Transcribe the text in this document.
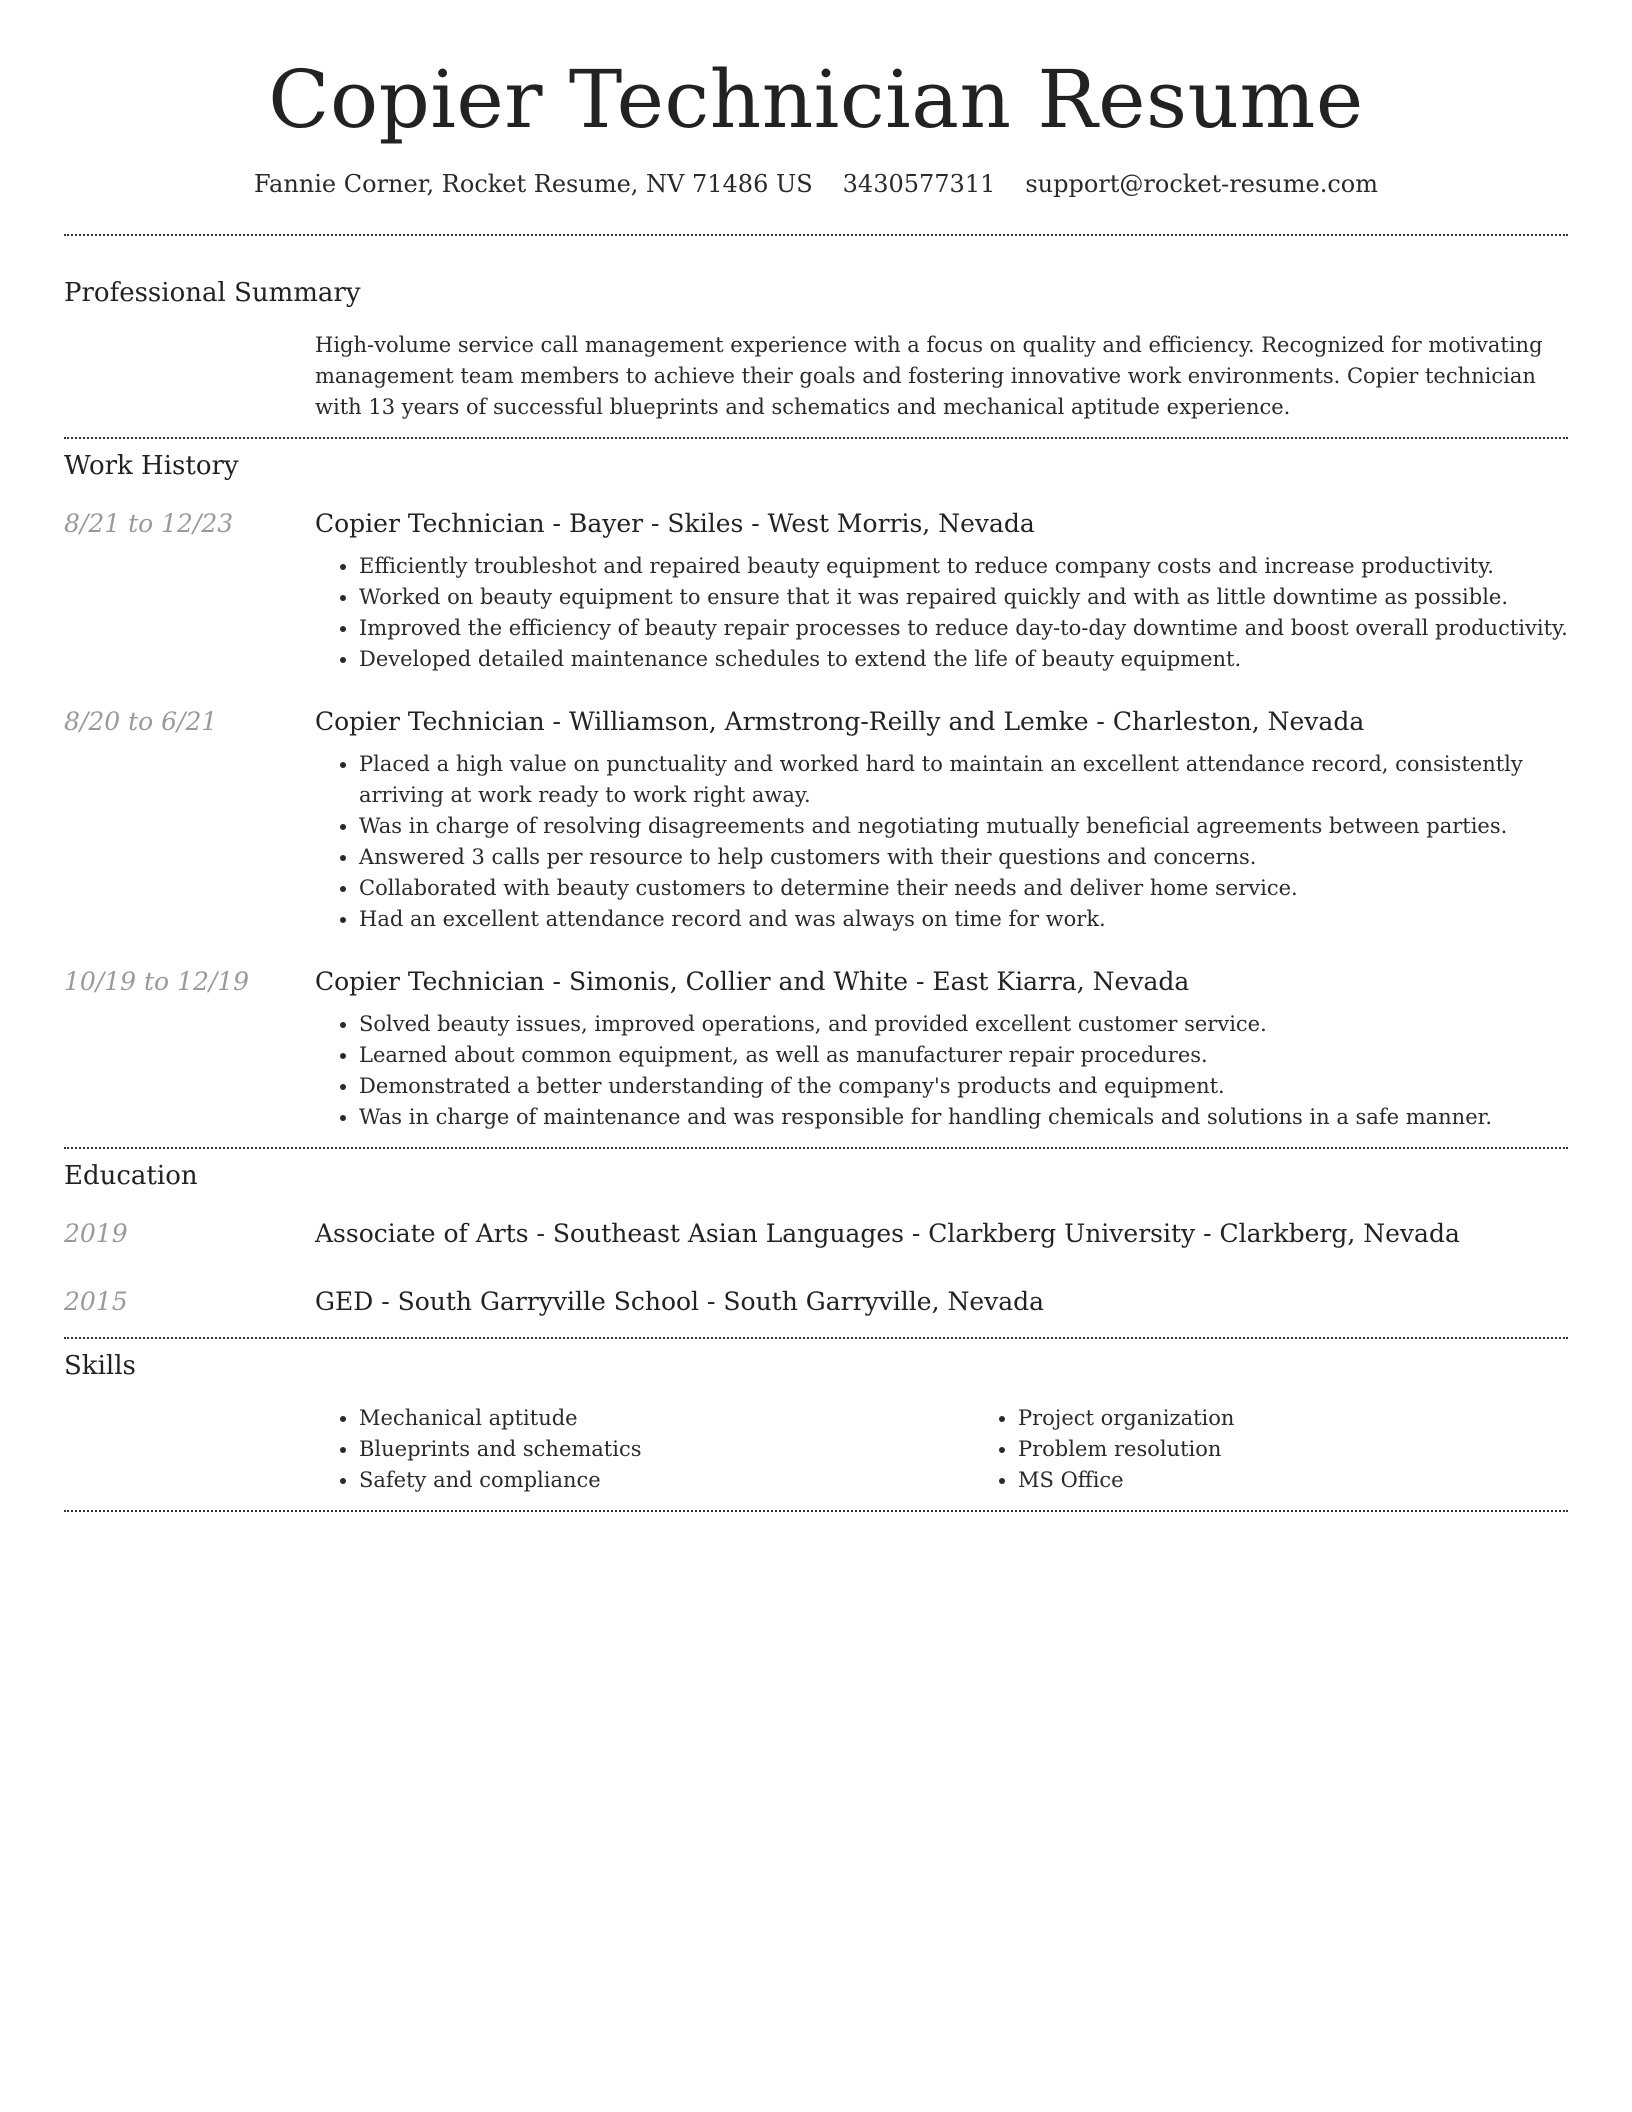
Copier Technician Resume
Fannie Corner, Rocket Resume, NV 71486 US 3430577311 support@rocket-resume.com
Professional Summary

High-volume service call management experience with a focus on quality and efficiency. Recognized for motivating management team members to achieve their goals and fostering innovative work environments. Copier technician with 13 years of successful blueprints and schematics and mechanical aptitude experience.

Work History
8/21 to 12/23	Copier Technician - Bayer - Skiles - West Morris, Nevada
• Efficiently troubleshot and repaired beauty equipment to reduce company costs and increase productivity.
• Worked on beauty equipment to ensure that it was repaired quickly and with as little downtime as possible.
• Improved the efficiency of beauty repair processes to reduce day-to-day downtime and boost overall productivity.
• Developed detailed maintenance schedules to extend the life of beauty equipment.
8/20 to 6/21	Copier Technician - Williamson, Armstrong-Reilly and Lemke - Charleston, Nevada
• Placed a high value on punctuality and worked hard to maintain an excellent attendance record, consistently arriving at work ready to work right away.
• Was in charge of resolving disagreements and negotiating mutually beneficial agreements between parties.
• Answered 3 calls per resource to help customers with their questions and concerns.
• Collaborated with beauty customers to determine their needs and deliver home service.
• Had an excellent attendance record and was always on time for work.
10/19 to 12/19	Copier Technician - Simonis, Collier and White - East Kiarra, Nevada
• Solved beauty issues, improved operations, and provided excellent customer service.
• Learned about common equipment, as well as manufacturer repair procedures.
• Demonstrated a better understanding of the company's products and equipment.
• Was in charge of maintenance and was responsible for handling chemicals and solutions in a safe manner.
Education
2019	Associate of Arts - Southeast Asian Languages - Clarkberg University - Clarkberg, Nevada
2015	GED - South Garryville School - South Garryville, Nevada
Skills
• Mechanical aptitude
• Blueprints and schematics
• Safety and compliance
• Project organization
• Problem resolution
• MS Office
